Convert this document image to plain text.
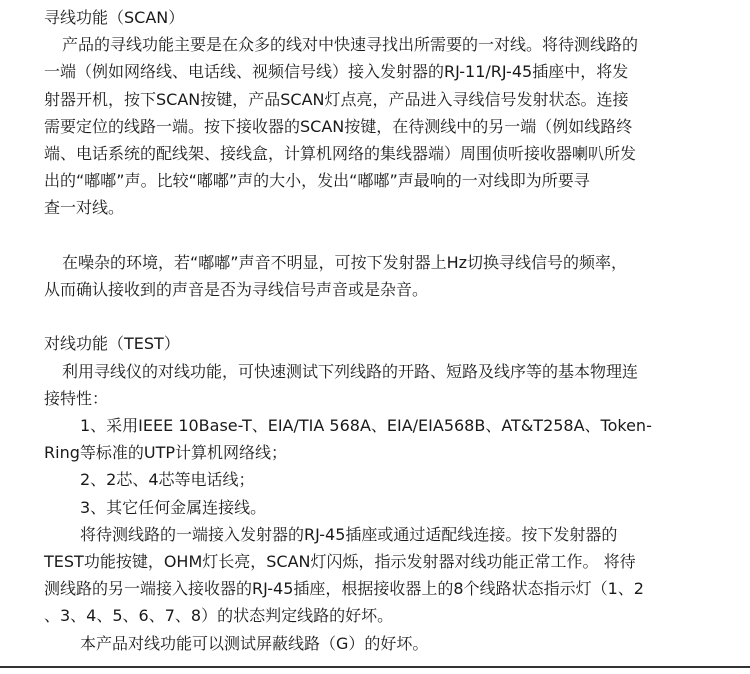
寻线功能（SCAN）
产品的寻线功能主要是在众多的线对中快速寻找出所需要的一对线。将待测线路的
一端（例如网络线、电话线、视频信号线）接入发射器的RJ-11/RJ-45插座中，将发
射器开机，按下SCAN按键，产品SCAN灯点亮，产品进入寻线信号发射状态。连接
需要定位的线路一端。按下接收器的SCAN按键，在待测线中的另一端（例如线路终
端、电话系统的配线架、接线盒，计算机网络的集线器端）周围侦听接收器喇叭所发
出的“嘟嘟”声。比较“嘟嘟”声的大小，发出“嘟嘟”声最响的一对线即为所要寻
查一对线。
在噪杂的环境，若“嘟嘟”声音不明显，可按下发射器上Hz切换寻线信号的频率，
从而确认接收到的声音是否为寻线信号声音或是杂音。
对线功能（TEST）
利用寻线仪的对线功能，可快速测试下列线路的开路、短路及线序等的基本物理连
接特性：
1、采用IEEE 10Base-T、EIA/TIA 568A、EIA/EIA568B、AT&T258A、Token-
Ring等标准的UTP计算机网络线；
2、2芯、4芯等电话线；
3、其它任何金属连接线。
将待测线路的一端接入发射器的RJ-45插座或通过适配线连接。按下发射器的
TEST功能按键，OHM灯长亮，SCAN灯闪烁，指示发射器对线功能正常工作。 将待
测线路的另一端接入接收器的RJ-45插座，根据接收器上的8个线路状态指示灯（1、2
、3、4、5、6、7、8）的状态判定线路的好坏。
本产品对线功能可以测试屏蔽线路（G）的好坏。
